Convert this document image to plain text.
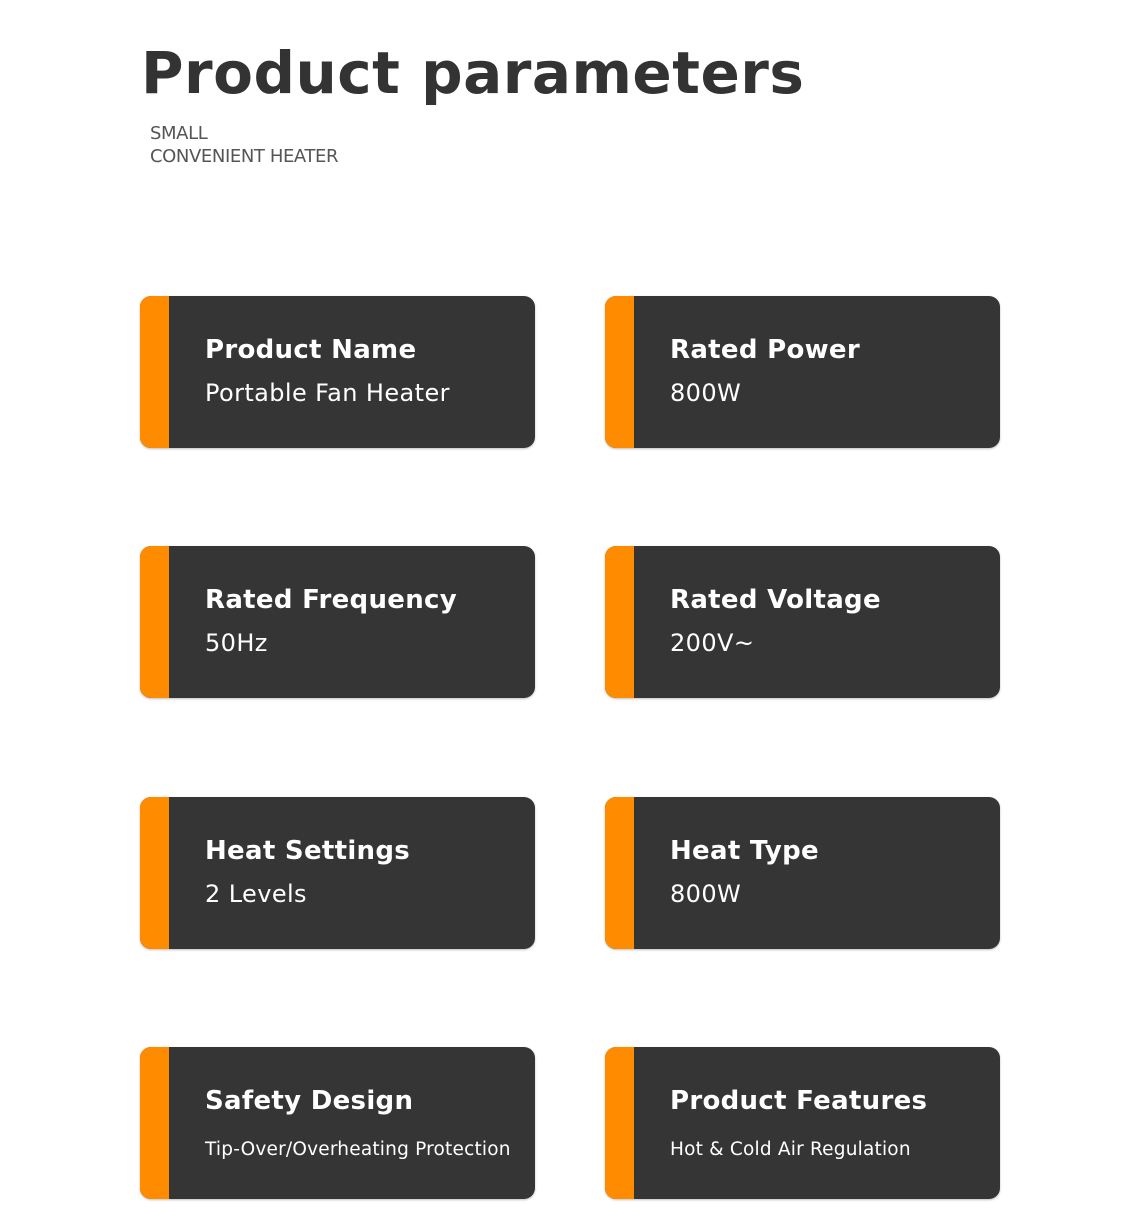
Product parameters
SMALL
CONVENIENT HEATER
Product Name
Portable Fan Heater
Rated Power
800W
Rated Frequency
50Hz
Rated Voltage
200V~
Heat Settings
2 Levels
Heat Type
800W
Safety Design
Tip-Over/Overheating Protection
Product Features
Hot & Cold Air Regulation
